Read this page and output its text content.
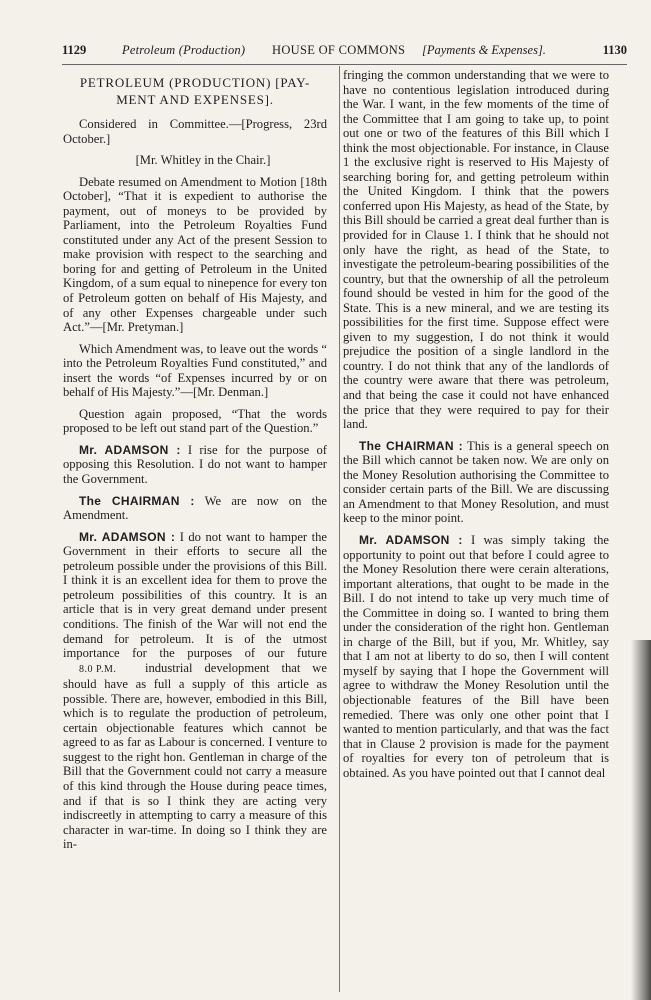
1129	Petroleum (Production) HOUSE OF COMMONS [Payments & Expenses].	1130
PETROLEUM (PRODUCTION) [PAY-
MENT AND EXPENSES].

Considered in Committee.—[Progress, 23rd October.]

[Mr. Whitley in the Chair.]

Debate resumed on Amendment to Motion [18th October], “That it is expedient to authorise the payment, out of moneys to be provided by Parliament, into the Petroleum Royalties Fund constituted under any Act of the present Session to make provision with respect to the searching and boring for and getting of Petroleum in the United Kingdom, of a sum equal to ninepence for every ton of Petroleum gotten on behalf of His Majesty, and of any other Expenses chargeable under such Act.”—[Mr. Pretyman.]

Which Amendment was, to leave out the words “ into the Petroleum Royalties Fund constituted,” and insert the words “of Expenses incurred by or on behalf of His Majesty.”—[Mr. Denman.]

Question again proposed, “That the words proposed to be left out stand part of the Question.”

Mr. ADAMSON : I rise for the purpose of opposing this Resolution. I do not want to hamper the Government.

The CHAIRMAN : We are now on the Amendment.

Mr. ADAMSON : I do not want to hamper the Government in their efforts to secure all the petroleum possible under the provisions of this Bill. I think it is an excellent idea for them to prove the petroleum possibilities of this country. It is an article that is in very great demand under present conditions. The finish of the War will not end the demand for petroleum. It is of the utmost importance for the purposes of our future 8.0 P.M. industrial development that we should have as full a supply of this article as possible. There are, however, embodied in this Bill, which is to regulate the production of petroleum, certain objectionable features which cannot be agreed to as far as Labour is concerned. I venture to suggest to the right hon. Gentleman in charge of the Bill that the Government could not carry a measure of this kind through the House during peace times, and if that is so I think they are acting very indiscreetly in attempting to carry a measure of this character in war-time. In doing so I think they are in-

fringing the common understanding that we were to have no contentious legislation introduced during the War. I want, in the few moments of the time of the Committee that I am going to take up, to point out one or two of the features of this Bill which I think the most objectionable. For instance, in Clause 1 the exclusive right is reserved to His Majesty of searching boring for, and getting petroleum within the United Kingdom. I think that the powers conferred upon His Majesty, as head of the State, by this Bill should be carried a great deal further than is provided for in Clause 1. I think that he should not only have the right, as head of the State, to investigate the petroleum-bearing possibilities of the country, but that the ownership of all the petroleum found should be vested in him for the good of the State. This is a new mineral, and we are testing its possibilities for the first time. Suppose effect were given to my suggestion, I do not think it would prejudice the position of a single landlord in the country. I do not think that any of the landlords of the country were aware that there was petroleum, and that being the case it could not have enhanced the price that they were required to pay for their land.

The CHAIRMAN : This is a general speech on the Bill which cannot be taken now. We are only on the Money Resolution authorising the Committee to consider certain parts of the Bill. We are discussing an Amendment to that Money Resolution, and must keep to the minor point.

Mr. ADAMSON : I was simply taking the opportunity to point out that before I could agree to the Money Resolution there were cerain alterations, important alterations, that ought to be made in the Bill. I do not intend to take up very much time of the Committee in doing so. I wanted to bring them under the consideration of the right hon. Gentleman in charge of the Bill, but if you, Mr. Whitley, say that I am not at liberty to do so, then I will content myself by saying that I hope the Government will agree to withdraw the Money Resolution until the objectionable features of the Bill have been remedied. There was only one other point that I wanted to mention particularly, and that was the fact that in Clause 2 provision is made for the payment of royalties for every ton of petroleum that is obtained. As you have pointed out that I cannot deal
